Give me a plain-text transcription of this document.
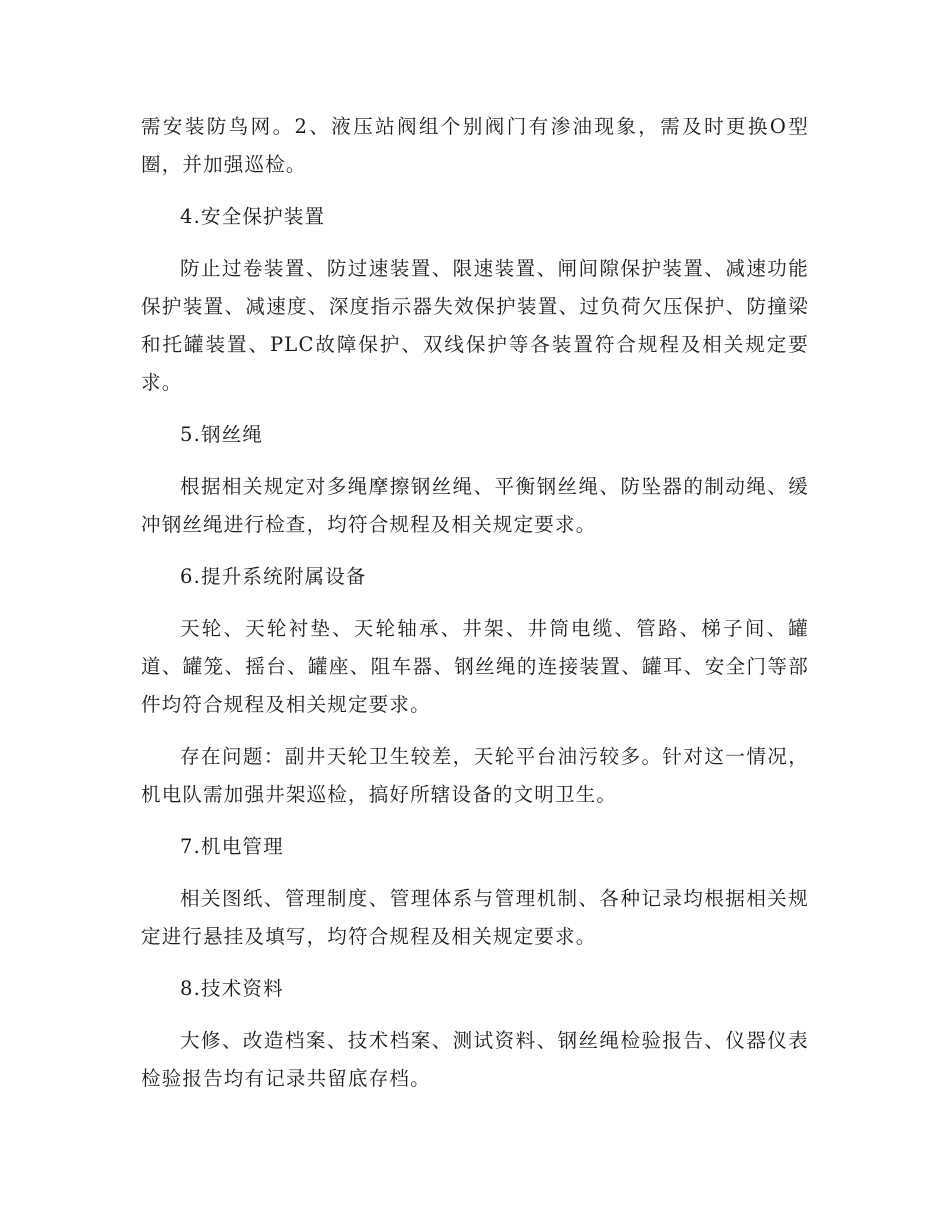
需安装防鸟网。2、液压站阀组个别阀门有渗油现象，需及时更换O型圈，并加强巡检。

4.安全保护装置

防止过卷装置、防过速装置、限速装置、闸间隙保护装置、减速功能保护装置、减速度、深度指示器失效保护装置、过负荷欠压保护、防撞梁和托罐装置、PLC故障保护、双线保护等各装置符合规程及相关规定要求。

5.钢丝绳

根据相关规定对多绳摩擦钢丝绳、平衡钢丝绳、防坠器的制动绳、缓冲钢丝绳进行检查，均符合规程及相关规定要求。

6.提升系统附属设备

天轮、天轮衬垫、天轮轴承、井架、井筒电缆、管路、梯子间、罐道、罐笼、摇台、罐座、阻车器、钢丝绳的连接装置、罐耳、安全门等部件均符合规程及相关规定要求。

存在问题：副井天轮卫生较差，天轮平台油污较多。针对这一情况，机电队需加强井架巡检，搞好所辖设备的文明卫生。

7.机电管理

相关图纸、管理制度、管理体系与管理机制、各种记录均根据相关规定进行悬挂及填写，均符合规程及相关规定要求。

8.技术资料

大修、改造档案、技术档案、测试资料、钢丝绳检验报告、仪器仪表检验报告均有记录共留底存档。
